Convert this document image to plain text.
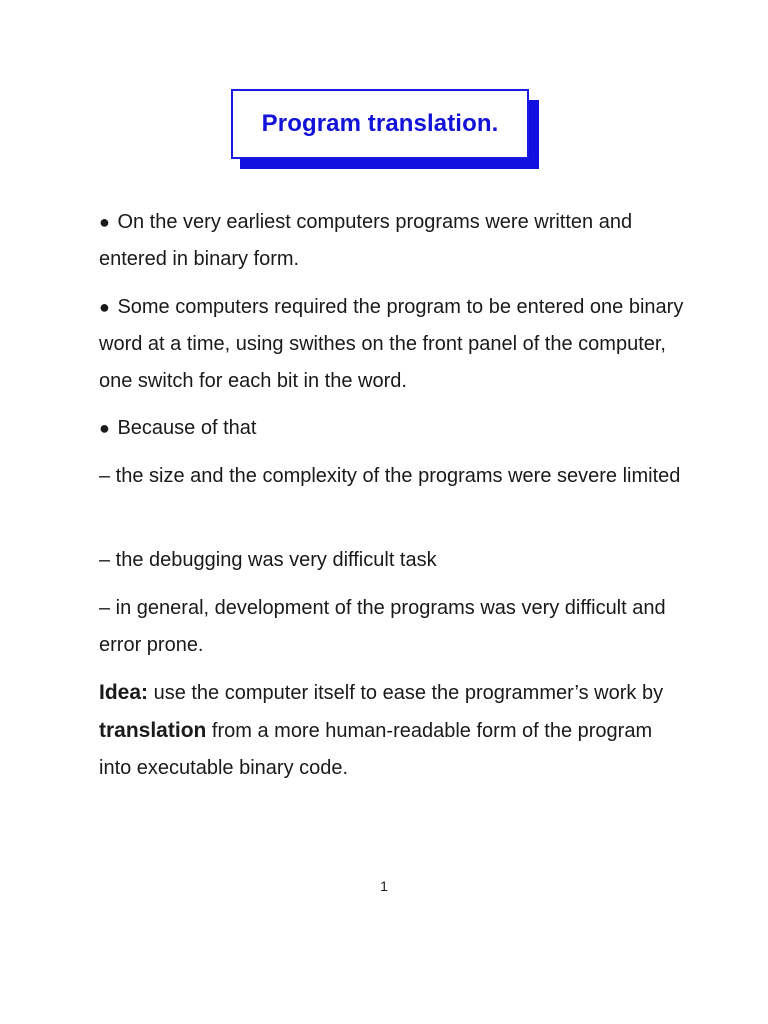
Program translation.

● On the very earliest computers programs were written and entered in binary form.

● Some computers required the program to be entered one binary word at a time, using swithes on the front panel of the computer, one switch for each bit in the word.

● Because of that

– the size and the complexity of the programs were severe limited

– the debugging was very difficult task

– in general, development of the programs was very difficult and error prone.

Idea: use the computer itself to ease the programmer’s work by translation from a more human-readable form of the program into executable binary code.

1
